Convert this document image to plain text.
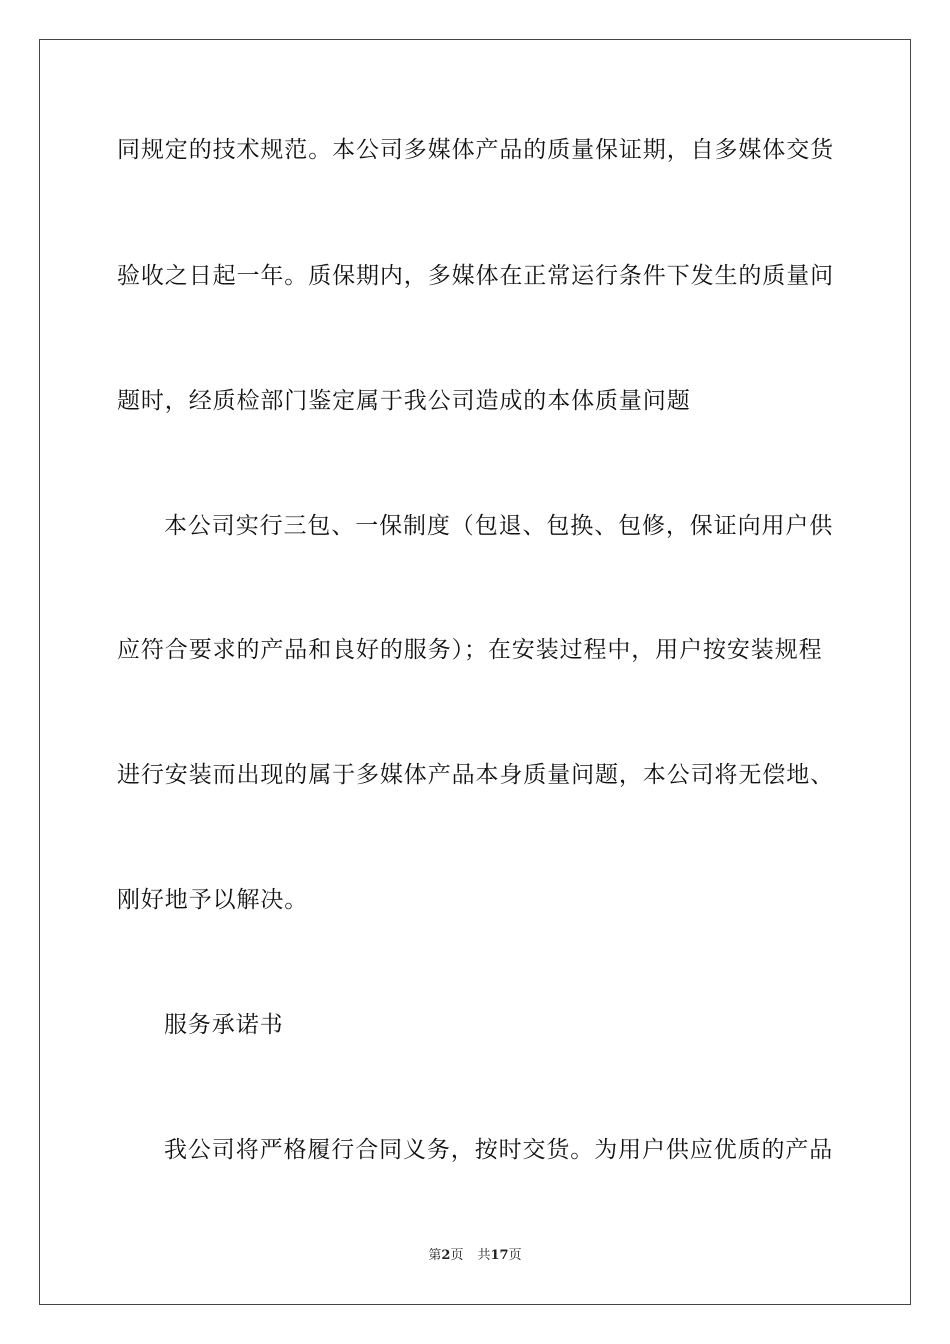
同规定的技术规范。本公司多媒体产品的质量保证期，自多媒体交货
验收之日起一年。质保期内，多媒体在正常运行条件下发生的质量问
题时，经质检部门鉴定属于我公司造成的本体质量问题
本公司实行三包、一保制度（包退、包换、包修，保证向用户供
应符合要求的产品和良好的服务）；在安装过程中，用户按安装规程
进行安装而出现的属于多媒体产品本身质量问题，本公司将无偿地、
刚好地予以解决。
服务承诺书
我公司将严格履行合同义务，按时交货。为用户供应优质的产品
第2页 共17页
